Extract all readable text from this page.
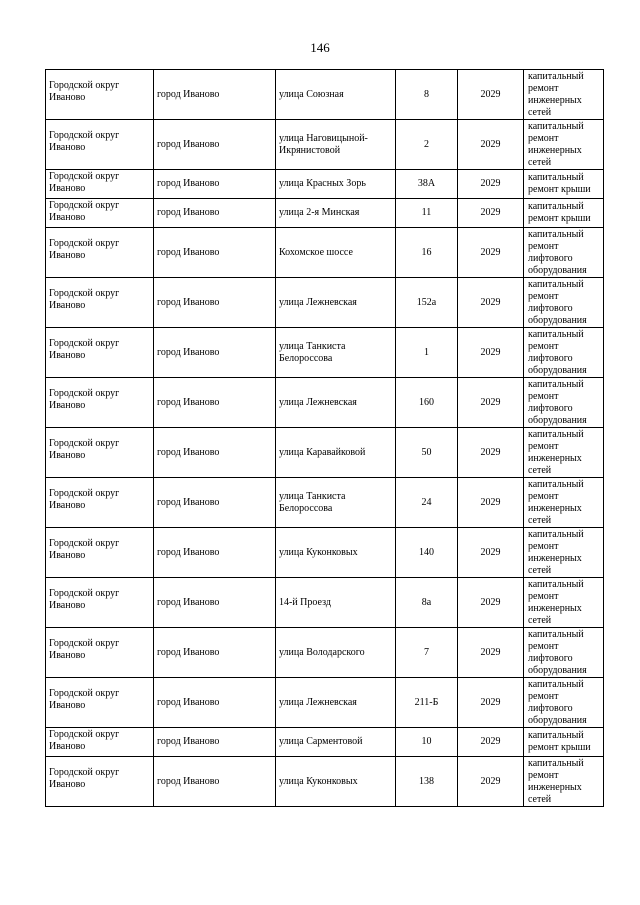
146
Городской округ Иваново	город Иваново	улица Союзная	8	2029	капитальный ремонт инженерных сетей
Городской округ Иваново	город Иваново	улица Наговицыной-Икрянистовой	2	2029	капитальный ремонт инженерных сетей
Городской округ Иваново	город Иваново	улица Красных Зорь	38А	2029	капитальный ремонт крыши
Городской округ Иваново	город Иваново	улица 2-я Минская	11	2029	капитальный ремонт крыши
Городской округ Иваново	город Иваново	Кохомское шоссе	16	2029	капитальный ремонт лифтового оборудования
Городской округ Иваново	город Иваново	улица Лежневская	152а	2029	капитальный ремонт лифтового оборудования
Городской округ Иваново	город Иваново	улица Танкиста Белороссова	1	2029	капитальный ремонт лифтового оборудования
Городской округ Иваново	город Иваново	улица Лежневская	160	2029	капитальный ремонт лифтового оборудования
Городской округ Иваново	город Иваново	улица Каравайковой	50	2029	капитальный ремонт инженерных сетей
Городской округ Иваново	город Иваново	улица Танкиста Белороссова	24	2029	капитальный ремонт инженерных сетей
Городской округ Иваново	город Иваново	улица Куконковых	140	2029	капитальный ремонт инженерных сетей
Городской округ Иваново	город Иваново	14-й Проезд	8а	2029	капитальный ремонт инженерных сетей
Городской округ Иваново	город Иваново	улица Володарского	7	2029	капитальный ремонт лифтового оборудования
Городской округ Иваново	город Иваново	улица Лежневская	211-Б	2029	капитальный ремонт лифтового оборудования
Городской округ Иваново	город Иваново	улица Сарментовой	10	2029	капитальный ремонт крыши
Городской округ Иваново	город Иваново	улица Куконковых	138	2029	капитальный ремонт инженерных сетей
